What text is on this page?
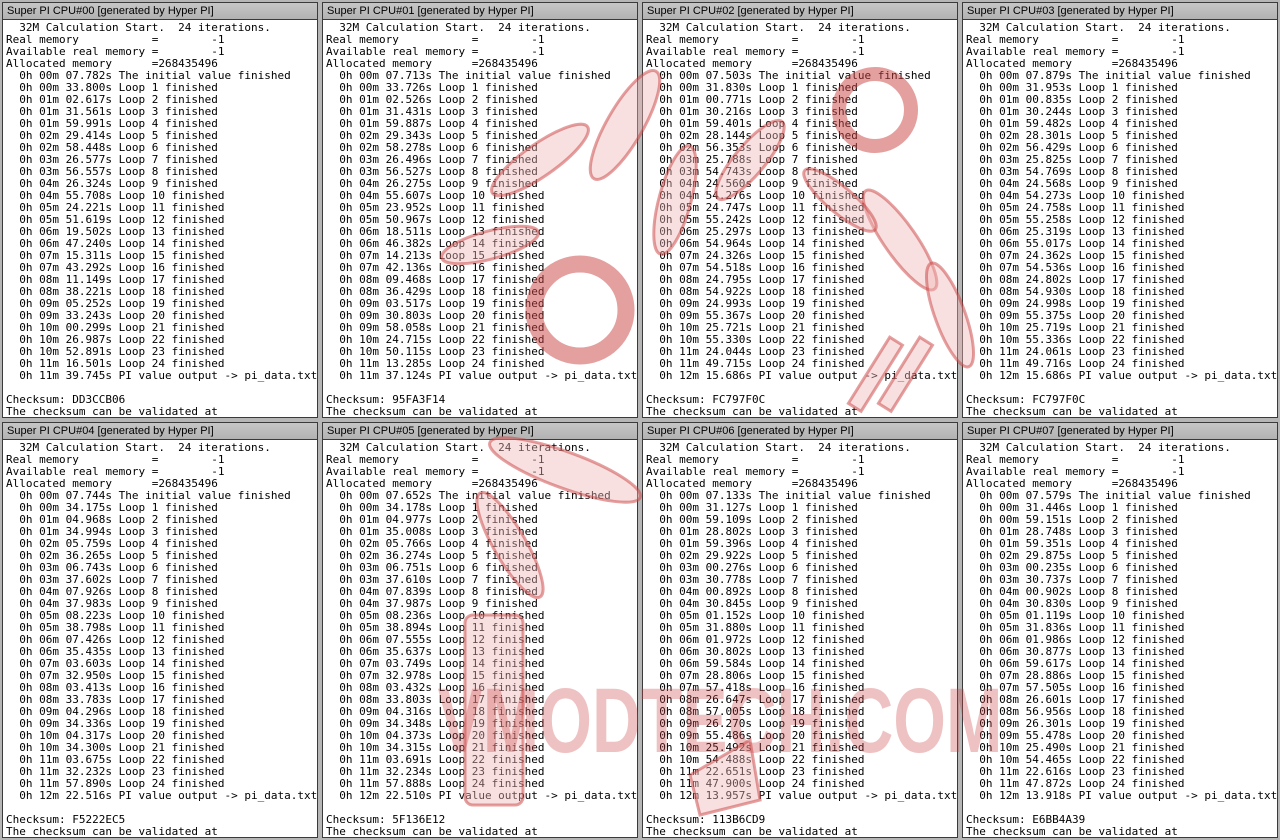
Super PI CPU#00 [generated by Hyper PI]
32M Calculation Start.  24 iterations.
Real memory           =        -1
Available real memory =        -1
Allocated memory      =268435496
0h 00m 07.782s The initial value finished
0h 00m 33.800s Loop 1 finished
0h 01m 02.617s Loop 2 finished
0h 01m 31.561s Loop 3 finished
0h 01m 59.991s Loop 4 finished
0h 02m 29.414s Loop 5 finished
0h 02m 58.448s Loop 6 finished
0h 03m 26.577s Loop 7 finished
0h 03m 56.557s Loop 8 finished
0h 04m 26.324s Loop 9 finished
0h 04m 55.708s Loop 10 finished
0h 05m 24.221s Loop 11 finished
0h 05m 51.619s Loop 12 finished
0h 06m 19.502s Loop 13 finished
0h 06m 47.240s Loop 14 finished
0h 07m 15.311s Loop 15 finished
0h 07m 43.292s Loop 16 finished
0h 08m 11.149s Loop 17 finished
0h 08m 38.221s Loop 18 finished
0h 09m 05.252s Loop 19 finished
0h 09m 33.243s Loop 20 finished
0h 10m 00.299s Loop 21 finished
0h 10m 26.987s Loop 22 finished
0h 10m 52.891s Loop 23 finished
0h 11m 16.501s Loop 24 finished
0h 11m 39.745s PI value output -> pi_data.txt

Checksum: DD3CCB06
The checksum can be validated at
Super PI CPU#01 [generated by Hyper PI]
32M Calculation Start.  24 iterations.
Real memory           =        -1
Available real memory =        -1
Allocated memory      =268435496
0h 00m 07.713s The initial value finished
0h 00m 33.726s Loop 1 finished
0h 01m 02.526s Loop 2 finished
0h 01m 31.431s Loop 3 finished
0h 01m 59.887s Loop 4 finished
0h 02m 29.343s Loop 5 finished
0h 02m 58.278s Loop 6 finished
0h 03m 26.496s Loop 7 finished
0h 03m 56.527s Loop 8 finished
0h 04m 26.275s Loop 9 finished
0h 04m 55.607s Loop 10 finished
0h 05m 23.952s Loop 11 finished
0h 05m 50.967s Loop 12 finished
0h 06m 18.511s Loop 13 finished
0h 06m 46.382s Loop 14 finished
0h 07m 14.213s Loop 15 finished
0h 07m 42.136s Loop 16 finished
0h 08m 09.468s Loop 17 finished
0h 08m 36.429s Loop 18 finished
0h 09m 03.517s Loop 19 finished
0h 09m 30.803s Loop 20 finished
0h 09m 58.058s Loop 21 finished
0h 10m 24.715s Loop 22 finished
0h 10m 50.115s Loop 23 finished
0h 11m 13.285s Loop 24 finished
0h 11m 37.124s PI value output -> pi_data.txt

Checksum: 95FA3F14
The checksum can be validated at
Super PI CPU#02 [generated by Hyper PI]
32M Calculation Start.  24 iterations.
Real memory           =        -1
Available real memory =        -1
Allocated memory      =268435496
0h 00m 07.503s The initial value finished
0h 00m 31.830s Loop 1 finished
0h 01m 00.771s Loop 2 finished
0h 01m 30.216s Loop 3 finished
0h 01m 59.401s Loop 4 finished
0h 02m 28.144s Loop 5 finished
0h 02m 56.353s Loop 6 finished
0h 03m 25.788s Loop 7 finished
0h 03m 54.743s Loop 8 finished
0h 04m 24.560s Loop 9 finished
0h 04m 54.276s Loop 10 finished
0h 05m 24.747s Loop 11 finished
0h 05m 55.242s Loop 12 finished
0h 06m 25.297s Loop 13 finished
0h 06m 54.964s Loop 14 finished
0h 07m 24.326s Loop 15 finished
0h 07m 54.518s Loop 16 finished
0h 08m 24.795s Loop 17 finished
0h 08m 54.922s Loop 18 finished
0h 09m 24.993s Loop 19 finished
0h 09m 55.367s Loop 20 finished
0h 10m 25.721s Loop 21 finished
0h 10m 55.330s Loop 22 finished
0h 11m 24.044s Loop 23 finished
0h 11m 49.715s Loop 24 finished
0h 12m 15.686s PI value output -> pi_data.txt

Checksum: FC797F0C
The checksum can be validated at
Super PI CPU#03 [generated by Hyper PI]
32M Calculation Start.  24 iterations.
Real memory           =        -1
Available real memory =        -1
Allocated memory      =268435496
0h 00m 07.879s The initial value finished
0h 00m 31.953s Loop 1 finished
0h 01m 00.835s Loop 2 finished
0h 01m 30.244s Loop 3 finished
0h 01m 59.482s Loop 4 finished
0h 02m 28.301s Loop 5 finished
0h 02m 56.429s Loop 6 finished
0h 03m 25.825s Loop 7 finished
0h 03m 54.769s Loop 8 finished
0h 04m 24.568s Loop 9 finished
0h 04m 54.273s Loop 10 finished
0h 05m 24.758s Loop 11 finished
0h 05m 55.258s Loop 12 finished
0h 06m 25.319s Loop 13 finished
0h 06m 55.017s Loop 14 finished
0h 07m 24.362s Loop 15 finished
0h 07m 54.536s Loop 16 finished
0h 08m 24.802s Loop 17 finished
0h 08m 54.930s Loop 18 finished
0h 09m 24.998s Loop 19 finished
0h 09m 55.375s Loop 20 finished
0h 10m 25.719s Loop 21 finished
0h 10m 55.336s Loop 22 finished
0h 11m 24.061s Loop 23 finished
0h 11m 49.716s Loop 24 finished
0h 12m 15.686s PI value output -> pi_data.txt

Checksum: FC797F0C
The checksum can be validated at
Super PI CPU#04 [generated by Hyper PI]
32M Calculation Start.  24 iterations.
Real memory           =        -1
Available real memory =        -1
Allocated memory      =268435496
0h 00m 07.744s The initial value finished
0h 00m 34.175s Loop 1 finished
0h 01m 04.968s Loop 2 finished
0h 01m 34.994s Loop 3 finished
0h 02m 05.759s Loop 4 finished
0h 02m 36.265s Loop 5 finished
0h 03m 06.743s Loop 6 finished
0h 03m 37.602s Loop 7 finished
0h 04m 07.926s Loop 8 finished
0h 04m 37.983s Loop 9 finished
0h 05m 08.223s Loop 10 finished
0h 05m 38.798s Loop 11 finished
0h 06m 07.426s Loop 12 finished
0h 06m 35.435s Loop 13 finished
0h 07m 03.603s Loop 14 finished
0h 07m 32.950s Loop 15 finished
0h 08m 03.413s Loop 16 finished
0h 08m 33.783s Loop 17 finished
0h 09m 04.296s Loop 18 finished
0h 09m 34.336s Loop 19 finished
0h 10m 04.317s Loop 20 finished
0h 10m 34.300s Loop 21 finished
0h 11m 03.675s Loop 22 finished
0h 11m 32.232s Loop 23 finished
0h 11m 57.890s Loop 24 finished
0h 12m 22.516s PI value output -> pi_data.txt

Checksum: F5222EC5
The checksum can be validated at
Super PI CPU#05 [generated by Hyper PI]
32M Calculation Start.  24 iterations.
Real memory           =        -1
Available real memory =        -1
Allocated memory      =268435496
0h 00m 07.652s The initial value finished
0h 00m 34.178s Loop 1 finished
0h 01m 04.977s Loop 2 finished
0h 01m 35.008s Loop 3 finished
0h 02m 05.766s Loop 4 finished
0h 02m 36.274s Loop 5 finished
0h 03m 06.751s Loop 6 finished
0h 03m 37.610s Loop 7 finished
0h 04m 07.839s Loop 8 finished
0h 04m 37.987s Loop 9 finished
0h 05m 08.236s Loop 10 finished
0h 05m 38.894s Loop 11 finished
0h 06m 07.555s Loop 12 finished
0h 06m 35.637s Loop 13 finished
0h 07m 03.749s Loop 14 finished
0h 07m 32.978s Loop 15 finished
0h 08m 03.432s Loop 16 finished
0h 08m 33.803s Loop 17 finished
0h 09m 04.316s Loop 18 finished
0h 09m 34.348s Loop 19 finished
0h 10m 04.373s Loop 20 finished
0h 10m 34.315s Loop 21 finished
0h 11m 03.691s Loop 22 finished
0h 11m 32.234s Loop 23 finished
0h 11m 57.888s Loop 24 finished
0h 12m 22.510s PI value output -> pi_data.txt

Checksum: 5F136E12
The checksum can be validated at
Super PI CPU#06 [generated by Hyper PI]
32M Calculation Start.  24 iterations.
Real memory           =        -1
Available real memory =        -1
Allocated memory      =268435496
0h 00m 07.133s The initial value finished
0h 00m 31.127s Loop 1 finished
0h 00m 59.109s Loop 2 finished
0h 01m 28.802s Loop 3 finished
0h 01m 59.396s Loop 4 finished
0h 02m 29.922s Loop 5 finished
0h 03m 00.276s Loop 6 finished
0h 03m 30.778s Loop 7 finished
0h 04m 00.892s Loop 8 finished
0h 04m 30.845s Loop 9 finished
0h 05m 01.152s Loop 10 finished
0h 05m 31.880s Loop 11 finished
0h 06m 01.972s Loop 12 finished
0h 06m 30.802s Loop 13 finished
0h 06m 59.584s Loop 14 finished
0h 07m 28.806s Loop 15 finished
0h 07m 57.418s Loop 16 finished
0h 08m 26.647s Loop 17 finished
0h 08m 57.005s Loop 18 finished
0h 09m 26.270s Loop 19 finished
0h 09m 55.486s Loop 20 finished
0h 10m 25.492s Loop 21 finished
0h 10m 54.488s Loop 22 finished
0h 11m 22.651s Loop 23 finished
0h 11m 47.900s Loop 24 finished
0h 12m 13.957s PI value output -> pi_data.txt

Checksum: 113B6CD9
The checksum can be validated at
Super PI CPU#07 [generated by Hyper PI]
32M Calculation Start.  24 iterations.
Real memory           =        -1
Available real memory =        -1
Allocated memory      =268435496
0h 00m 07.579s The initial value finished
0h 00m 31.446s Loop 1 finished
0h 00m 59.151s Loop 2 finished
0h 01m 28.748s Loop 3 finished
0h 01m 59.351s Loop 4 finished
0h 02m 29.875s Loop 5 finished
0h 03m 00.235s Loop 6 finished
0h 03m 30.737s Loop 7 finished
0h 04m 00.902s Loop 8 finished
0h 04m 30.830s Loop 9 finished
0h 05m 01.119s Loop 10 finished
0h 05m 31.836s Loop 11 finished
0h 06m 01.986s Loop 12 finished
0h 06m 30.877s Loop 13 finished
0h 06m 59.617s Loop 14 finished
0h 07m 28.886s Loop 15 finished
0h 07m 57.505s Loop 16 finished
0h 08m 26.601s Loop 17 finished
0h 08m 56.956s Loop 18 finished
0h 09m 26.301s Loop 19 finished
0h 09m 55.478s Loop 20 finished
0h 10m 25.490s Loop 21 finished
0h 10m 54.465s Loop 22 finished
0h 11m 22.616s Loop 23 finished
0h 11m 47.872s Loop 24 finished
0h 12m 13.918s PI value output -> pi_data.txt

Checksum: E6BB4A39
The checksum can be validated at
VMODTECH.COM
